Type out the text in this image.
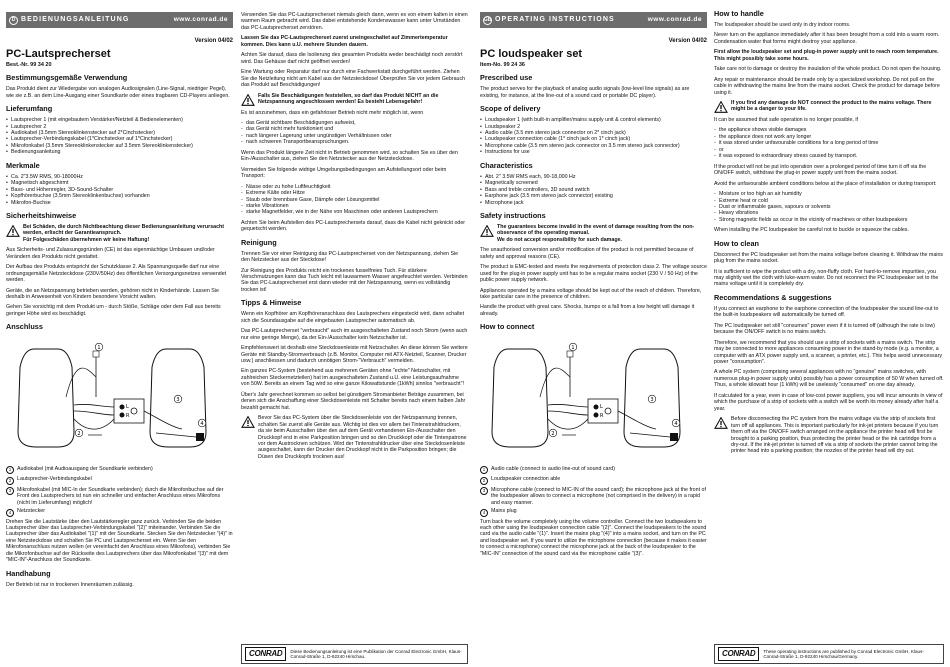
D BEDIENUNGSANLEITUNG	www.conrad.de
Version 04/02
PC-Lautsprecherset
Best.-Nr. 99 34 20
Bestimmungsgemäße Verwendung

Das Produkt dient zur Wiedergabe von analogen Audiosignalen (Line-Signal, niedriger Pegel), wie sie z.B. an dem Line-Ausgang einer Soundkarte oder eines tragbaren CD-Players anliegen.

Lieferumfang
• Lautsprecher 1 (mit eingebautem Verstärker/Netzteil & Bedienelementen)
• Lautsprecher 2
• Audiokabel (3.5mm Stereoklinkenstecker auf 2*Cinchstecker)
• Lautsprecher-Verbindungskabel (1*Cinchstecker auf 1*Cinchstecker)
• Mikrofonkabel (3.5mm Stereoklinkenstecker auf 3.5mm Stereoklinkenstecker)
• Bedienungsanleitung
Merkmale
• Ca. 2"3.5W RMS, 90-18000Hz
• Magnetisch abgeschirmt
• Bass- und Höhenregler, 3D-Sound-Schalter
• Kopfhörerbuchse (3.5mm Stereoklinkenbuchse) vorhanden
• Mikrofon-Buchse
Sicherheitshinweise
Bei Schäden, die durch Nichtbeachtung dieser Bedienungsanleitung verursacht werden, erlischt der Garantieanspruch.
Für Folgeschäden übernehmen wir keine Haftung!

Aus Sicherheits- und Zulassungsgründen (CE) ist das eigenmächtige Umbauen und/oder Verändern des Produkts nicht gestattet.

Der Aufbau des Produkts entspricht der Schutzklasse 2. Als Spannungsquelle darf nur eine ordnungsgemäße Netzsteckdose (230V/50Hz) des öffentlichen Versorgungsnetzes verwendet werden.

Geräte, die an Netzspannung betrieben werden, gehören nicht in Kinderhände. Lassen Sie deshalb in Anwesenheit von Kindern besondere Vorsicht walten.

Gehen Sie vorsichtig mit dem Produkt um - durch Stöße, Schläge oder dem Fall aus bereits geringer Höhe wird es beschädigt.

Anschluss
1	Audiokabel (mit Audioausgang der Soundkarte verbinden)
2	Lautsprecher-Verbindungskabel
3	Mikrofonkabel (mit MIC-In der Soundkarte verbinden); durch die Mikrofonbuchse auf der Front des Lautsprechers ist nun ein schneller und einfacher Anschluss eines Mikrofons (nicht im Lieferumfang) möglich!
4	Netzstecker

Drehen Sie die Lautstärke über den Lautstärkeregler ganz zurück. Verbinden Sie die beiden Lautsprecher über das Lautsprecher-Verbindungskabel "(2)" miteinander. Verbinden Sie die Lautsprecher über das Audiokabel "(1)" mit der Soundkarte. Stecken Sie den Netzstecker "(4)" in eine Netzsteckdose und schalten Sie PC und Lautsprecherset ein. Wenn Sie den Mikrofonanschluss nutzen wollen (er vereinfacht den Anschluss eines Mikrofons), verbinden Sie die Mikrofonbuchse auf der Rückseite des Lautsprechers über das Mikrofonkabel "(3)" mit dem "MIC-IN"-Anschluss der Soundkarte.

Handhabung

Der Betrieb ist nur in trockenen Innenräumen zulässig.

Verwenden Sie das PC-Lautsprecherset niemals gleich dann, wenn es von einem kalten in einen warmen Raum gebracht wird. Das dabei entstehende Kondenswasser kann unter Umständen das PC-Lautsprecherset zerstören.

Lassen Sie das PC-Lautsprecherset zuerst uneingeschaltet auf Zimmertemperatur kommen. Dies kann u.U. mehrere Stunden dauern.

Achten Sie darauf, dass die Isolierung des gesamten Produkts weder beschädigt noch zerstört wird. Das Gehäuse darf nicht geöffnet werden!

Eine Wartung oder Reparatur darf nur durch eine Fachwerkstatt durchgeführt werden. Ziehen Sie die Netzleitung nicht am Kabel aus der Netzsteckdose! Überprüfen Sie vor jedem Gebrauch das Produkt auf Beschädigungen!

Falls Sie Beschädigungen feststellen, so darf das Produkt NICHT an die Netzspannung angeschlossen werden! Es besteht Lebensgefahr!

Es ist anzunehmen, dass ein gefahrloser Betrieb nicht mehr möglich ist, wenn

- das Gerät sichtbare Beschädigungen aufweist,
- das Gerät nicht mehr funktioniert und
- nach längerer Lagerung unter ungünstigen Verhältnissen oder
- nach schweren Transportbeanspruchungen.

Wenn das Produkt längere Zeit nicht in Betrieb genommen wird, so schalten Sie es über den Ein-/Ausschalter aus, ziehen Sie den Netzstecker aus der Netzsteckdose.

Vermeiden Sie folgende widrige Umgebungsbedingungen am Aufstellungsort oder beim Transport:

- Nässe oder zu hohe Luftfeuchtigkeit
- Extreme Kälte oder Hitze
- Staub oder brennbare Gase, Dämpfe oder Lösungsmittel
- starke Vibrationen
- starke Magnetfelder, wie in der Nähe von Maschinen oder anderen Lautsprechern

Achten Sie beim Aufstellen des PC-Lautsprechersets darauf, dass die Kabel nicht geknickt oder gequetscht werden.

Reinigung

Trennen Sie vor einer Reinigung das PC-Lautsprecherset von der Netzspannung, ziehen Sie den Netzstecker aus der Steckdose!

Zur Reinigung des Produkts reicht ein trockenes fusselfreies Tuch. Für stärkere Verschmutzungen kann das Tuch leicht mit lauwarmem Wasser angefeuchtet werden. Verbinden Sie das PC-Lautsprecherset erst dann wieder mit der Netzspannung, wenn es vollständig trocken ist!

Tipps & Hinweise

Wenn ein Kopfhörer am Kopfhöreranschluss des Lautsprechers eingesteckt wird, dann schaltet sich die Soundausgabe auf die eingebauten Lautsprecher automatisch ab.

Das PC-Lautsprecherset "verbraucht" auch im ausgeschalteten Zustand noch Strom (wenn auch nur eine geringe Menge), da der Ein-/Ausschalter kein Netzschalter ist.

Empfehlenswert ist deshalb eine Steckdosenleiste mit Netzschalter. An diese können Sie weitere Geräte mit Standby-Stromverbrauch (z.B. Monitor, Computer mit ATX-Netzteil, Scanner, Drucker usw.) anschliessen und dadurch unnötigen Strom-"Verbrauch" vermeiden.

Ein ganzes PC-System (bestehend aus mehreren Geräten ohne "echte" Netzschalter, mit zahlreichen Steckernetzteilen) hat im ausgeschalteten Zustand u.U. eine Leistungsaufnahme von 50W. Bereits an einem Tag wird so eine ganze Kilowattstunde (1kWh) sinnlos "verbraucht"!

Über's Jahr gerechnet kommen so selbst bei günstigem Stromanbieter Beträge zusammen, bei denen sich die Anschaffung einer Steckdosenleiste mit Schalter bereits nach einem halben Jahr bezahlt gemacht hat.

Bevor Sie das PC-System über die Steckdosenleiste von der Netzspannung trennen, schalten Sie zuerst alle Geräte aus. Wichtig ist dies vor allem bei Tintenstrahldruckern, da sie beim Ausschalten über den auf dem Gerät vorhandenen Ein-/Ausschalter den Druckkopf erst in eine Parkposition bringen und so den Druckkopf oder die Tintenpatrone vor dem Austrocknen schützen. Wird der Tintenstrahldrucker über eine Steckdosenleiste ausgeschaltet, kann der Drucker den Druckkopf nicht in die Parkposition bringen; die Düsen des Druckkopfs trocknen aus!
CONRAD	Diese Bedienungsanleitung ist eine Publikation der Conrad Electronic GmbH, Klaus-Conrad-Straße 1, D-92240 Hirschau.
GB OPERATING INSTRUCTIONS	www.conrad.de
Version 04/02
PC loudspeaker set
Item-No. 99 24 36
Prescribed use

The product serves for the playback of analog audio signals (low-level line signals) as are existing, for instance, at the line-out of a sound card or portable DC player).

Scope of delivery
• Loudspeaker 1 (with built-in amplifier/mains supply unit & control elements)
• Loudspeaker 2
• Audio cable (3.5 mm stereo jack connector on 2* cinch jack)
• Loudspeaker connection cable (1* cinch jack on 1* cinch jack)
• Microphone cable (3.5 mm stereo jack connector on 3.5 mm stereo jack connector)
• Instructions for use
Characteristics
• Abt. 2" 3.5W RMS each, 90-18,000 Hz
• Magnetically screened
• Bass and treble controllers, 3D sound switch
• Earphone jack (3.5 mm stereo jack connector) existing
• Microphone jack
Safety instructions
The guarantees become invalid in the event of damage resulting from the non-observance of the operating manual.
We do not accept responsibility for such damage.

The unauthorised conversion and/or modification of the product is not permitted because of safety and approval reasons (CE).

The product is EMC-tested and meets the requirements of protection class 2. The voltage source used for the plug-in power supply unit has to be a regular mains socket (230 V / 50 Hz) of the public power supply network.

Appliances operated by a mains voltage should be kept out of the reach of children. Therefore, take particular care in the presence of children.

Handle the product with great care. Shocks, bumps or a fall from a low height will damage it already.

How to connect
1	Audio cable (connect to audio line-out of sound card)
2	Loudspeaker connection able
3	Microphone cable (connect to MIC-IN of the sound card); the microphone jack at the front of the loudspeaker allows to connect a microphone (not comprised in the delivery) in a rapid and easy manner.
4	Mains plug

Turn back the volume completely using the volume controller. Connect the two loudspeakers to each other using the loudspeaker connection cable "(2)". Connect the loudspeakers to the sound card via the audio cable "(1)". Insert the mains plug "(4)" into a mains socket, and turn on the PC and loudspeaker set. If you want to utilize the microphone connection (because it makes it easier to connect a microphone) connect the microphone jack at the back of the loudspeaker to the "MIC-IN" connection of the sound card via the microphone cable "(3)".

How to handle

The loudspeaker should be used only in dry indoor rooms.

Never turn on the appliance immediately after it has been brought from a cold into a warm room. Condensation water that forms might destroy your appliance.

First allow the loudspeaker set and plug-in power supply unit to reach room temperature. This might possibly take some hours.

Take care not to damage or destroy the insulation of the whole product. Do not open the housing.

Any repair or maintenance should be made only by a specialized workshop. Do not pull on the cable in withdrawing the mains line from the mains socket. Check the product for damage before using it.

If you find any damage do NOT connect the product to the mains voltage. There might be a danger to your life.

It can be assumed that safe operation is no longer possible, if

- the appliance shows visible damages
- the appliance does not work any longer
- it was stored under unfavourable conditions for a long period of time
- or
- it was exposed to extraordinary stress caused by transport.

If the product will not be put into operation over a prolonged period of time turn it off via the ON/OFF switch, withdraw the plug-in power supply unit from the mains socket.

Avoid the unfavourable ambient conditions below at the place of installation or during transport:

- Moisture or too high an air humidity
- Extreme heat or cold
- Dust or inflammable gases, vapours or solvents
- Heavy vibrations
- Strong magnetic fields as occur in the vicinity of machines or other loudspeakers

When installing the PC loudspeaker be careful not to buckle or squeeze the cables.

How to clean

Disconnect the PC loudspeaker set from the mains voltage before cleaning it. Withdraw the mains plug from the mains socket.

It is sufficient to wipe the product with a dry, non-fluffy cloth. For hard-to-remove impurities, you may slightly wet the cloth with luke-warm water. Do not reconnect the PC loudspeaker set to the mains voltage until it is completely dry.

Recommendations & suggestions

If you connect an earphone to the earphone connection of the loudspeaker the sound line-out to the built-in loudspeakers will automatically be turned off.

The PC loudspeaker set still "consumes" power even if it is turned off (although the rate is low) because the ON/OFF switch is no mains switch.

Therefore, we recommend that you should use a strip of sockets with a mains switch. The strip may be connected to more appliances consuming power in the stand-by mode (e.g. a monitor, a computer with an ATX power supply unit, a scanner, a printer, etc.). This helps avoid unnecessary power "consumption".

A whole PC system (comprising several appliances with no "genuine" mains switches, with numerous plug-in power supply units) possibly has a power consumption of 50 W when turned off. Thus, a whole kilowatt hour (1 kWh) will be uselessly "consumed" on one day already.

If calculated for a year, even in case of low-cost power suppliers, you will incur amounts in view of which the purchase of a strip of sockets with a switch will be worth its money already after half a year.

Before disconnecting the PC system from the mains voltage via the strip of sockets first turn off all appliances. This is important particularly for ink-jet printers because if you turn them off via the ON/OFF switch arranged on the appliance the printer head will first be brought to a parking position, thus protecting the printer head or the ink cartridge from a dry-out. If the ink-jet printer is turned off via a strip of sockets the printer cannot bring the printer head into a parking position; the nozzles of the printer head will dry out.
CONRAD	These operating instructions are published by Conrad Electronic GmbH, Klaus-Conrad-Straße 1, D-92240 Hirschau/Germany.
